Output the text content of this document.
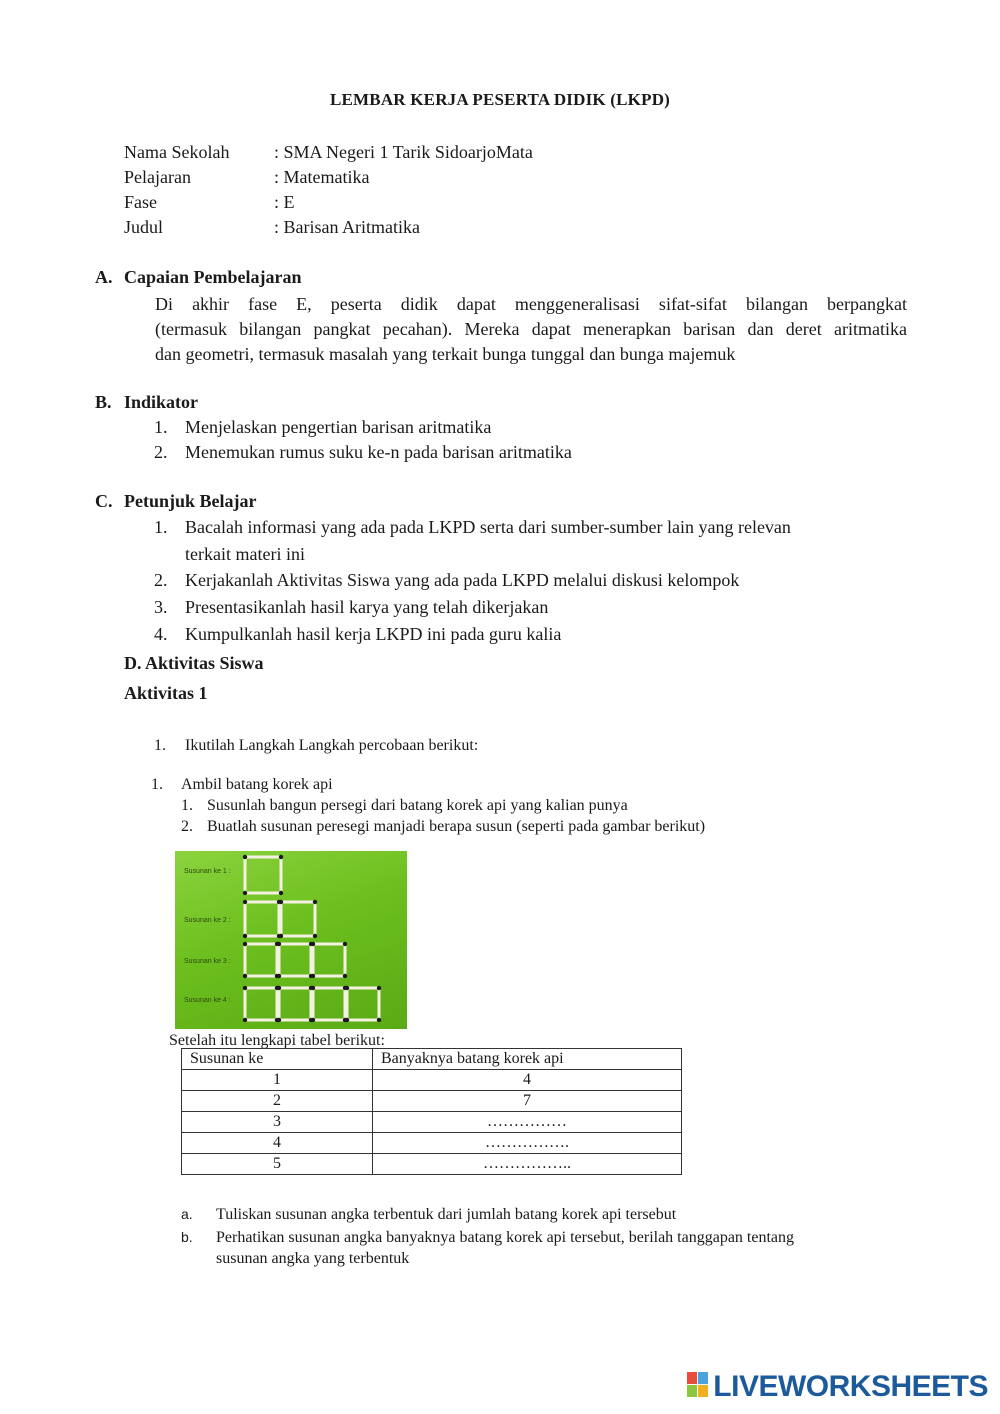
LEMBAR KERJA PESERTA DIDIK (LKPD)
Nama Sekolah : SMA Negeri 1 Tarik SidoarjoMata
Pelajaran	: Matematika
Fase	: E
Judul	: Barisan Aritmatika
A. Capaian Pembelajaran
Di akhir fase E, peserta didik dapat menggeneralisasi sifat-sifat bilangan berpangkat
(termasuk bilangan pangkat pecahan). Mereka dapat menerapkan barisan dan deret aritmatika
dan geometri, termasuk masalah yang terkait bunga tunggal dan bunga majemuk
B. Indikator
1. Menjelaskan pengertian barisan aritmatika
2. Menemukan rumus suku ke-n pada barisan aritmatika
C. Petunjuk Belajar
1. Bacalah informasi yang ada pada LKPD serta dari sumber-sumber lain yang relevan
terkait materi ini
2. Kerjakanlah Aktivitas Siswa yang ada pada LKPD melalui diskusi kelompok
3. Presentasikanlah hasil karya yang telah dikerjakan
4. Kumpulkanlah hasil kerja LKPD ini pada guru kalia
D. Aktivitas Siswa
Aktivitas 1
1. Ikutilah Langkah Langkah percobaan berikut:
1. Ambil batang korek api
1. Susunlah bangun persegi dari batang korek api yang kalian punya
2. Buatlah susunan peresegi manjadi berapa susun (seperti pada gambar berikut)
Susunan ke 1 :
Susunan ke 2 :
Susunan ke 3 :
Susunan ke 4 :
Setelah itu lengkapi tabel berikut:
Susunan ke	Banyaknya batang korek api
1	4
2	7
3	……………
4	…………….
5	……………..
a. Tuliskan susunan angka terbentuk dari jumlah batang korek api tersebut
b. Perhatikan susunan angka banyaknya batang korek api tersebut, berilah tanggapan tentang
susunan angka yang terbentuk
LIVEWORKSHEETS
